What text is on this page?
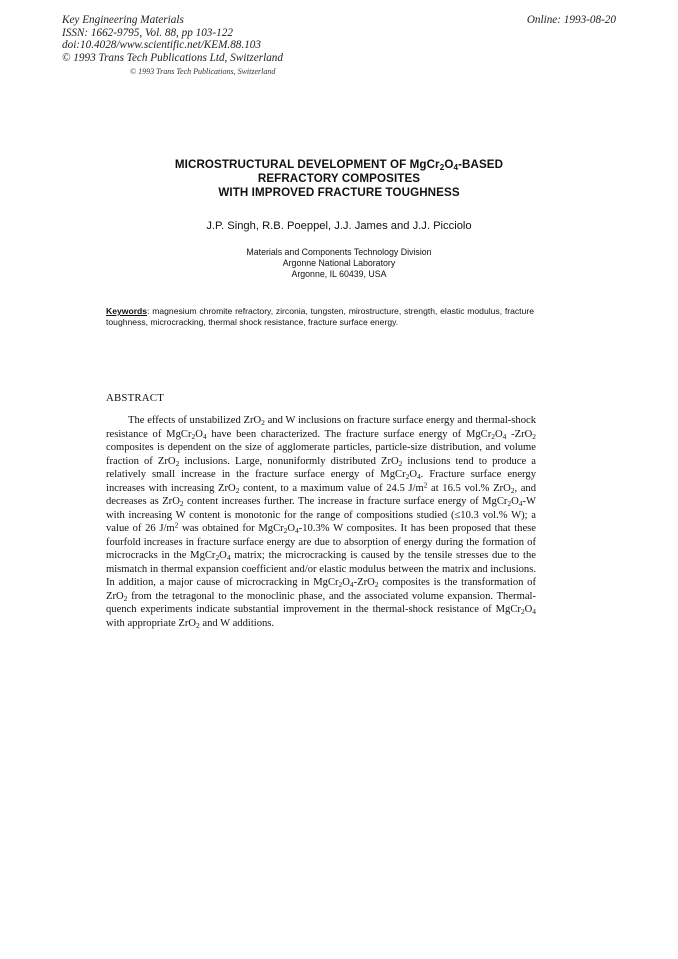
Key Engineering Materials
ISSN: 1662-9795, Vol. 88, pp 103-122
doi:10.4028/www.scientific.net/KEM.88.103
© 1993 Trans Tech Publications Ltd, Switzerland
Online: 1993-08-20
© 1993 Trans Tech Publications, Switzerland
MICROSTRUCTURAL DEVELOPMENT OF $MgCr_2O_4$-BASED
REFRACTORY COMPOSITES
WITH IMPROVED FRACTURE TOUGHNESS
J.P. Singh, R.B. Poeppel, J.J. James and J.J. Picciolo
Materials and Components Technology Division
Argonne National Laboratory
Argonne, IL 60439, USA
Keywords: magnesium chromite refractory, zirconia, tungsten, mirostructure, strength, elastic modulus, fracture toughness, microcracking, thermal shock resistance, fracture surface energy.
ABSTRACT

The effects of unstabilized ZrO$_2$ and W inclusions on fracture surface energy and thermal-shock resistance of $MgCr_2O_4$ have been characterized. The fracture surface energy of $MgCr_2O_4$ -ZrO$_2$ composites is dependent on the size of agglomerate particles, particle-size distribution, and volume fraction of ZrO$_2$ inclusions. Large, nonuniformly distributed ZrO$_2$ inclusions tend to produce a relatively small increase in the fracture surface energy of $MgCr_2O_4$. Fracture surface energy increases with increasing ZrO$_2$ content, to a maximum value of 24.5 $J/m^2$ at 16.5 vol.% ZrO$_2$, and decreases as ZrO$_2$ content increases further. The increase in fracture surface energy of $MgCr_2O_4-W$ with increasing W content is monotonic for the range of compositions studied (≤10.3 vol.% W); a value of 26 $J/m^2$ was obtained for $MgCr_2O_4-10.3\%$ W composites. It has been proposed that these fourfold increases in fracture surface energy are due to absorption of energy during the formation of microcracks in the $MgCr_2O_4$ matrix; the microcracking is caused by the tensile stresses due to the mismatch in thermal expansion coefficient and/or elastic modulus between the matrix and inclusions. In addition, a major cause of microcracking in $MgCr_2O_4-ZrO_2$ composites is the transformation of ZrO$_2$ from the tetragonal to the monoclinic phase, and the associated volume expansion. Thermal-quench experiments indicate substantial improvement in the thermal-shock resistance of $MgCr_2O_4$ with appropriate ZrO$_2$ and W additions.
